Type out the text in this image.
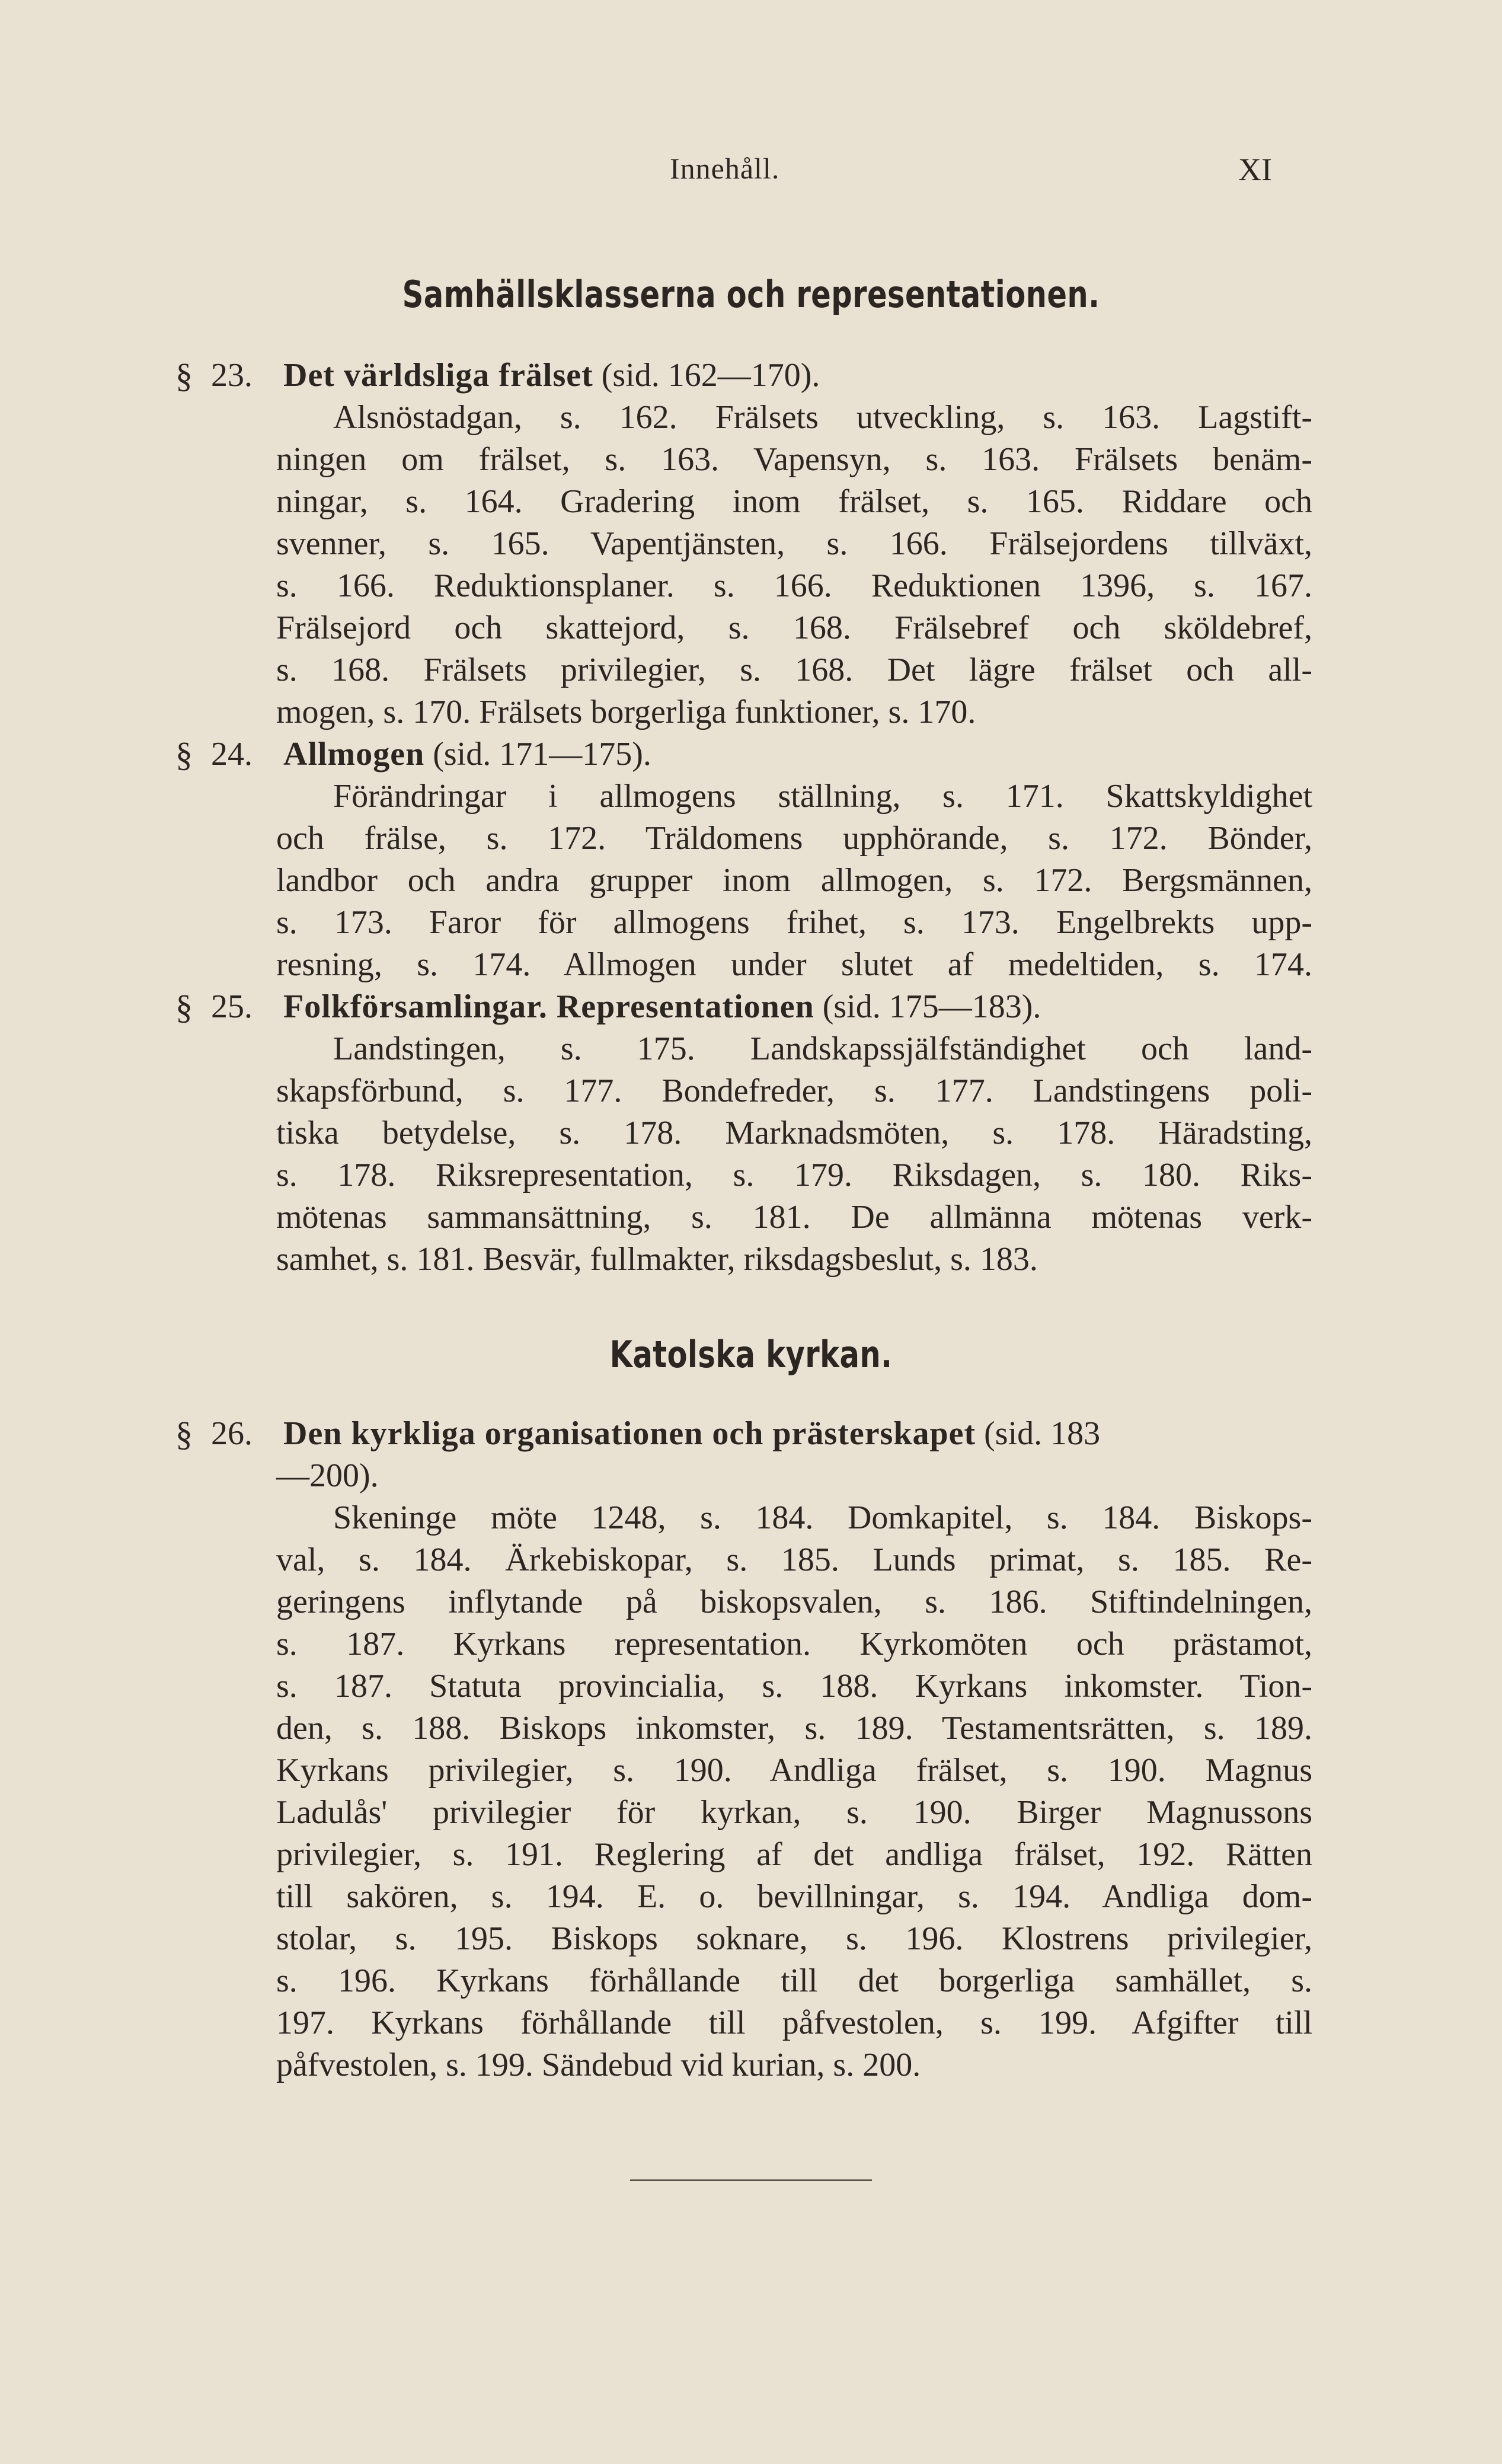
Innehåll.	XI
Samhällsklasserna och representationen.
§ 23. Det världsliga frälset (sid. 162—170).
Alsnöstadgan, s. 162. Frälsets utveckling, s. 163. Lagstift-
ningen om frälset, s. 163. Vapensyn, s. 163. Frälsets benäm-
ningar, s. 164. Gradering inom frälset, s. 165. Riddare och
svenner, s. 165. Vapentjänsten, s. 166. Frälsejordens tillväxt,
s. 166. Reduktionsplaner. s. 166. Reduktionen 1396, s. 167.
Frälsejord och skattejord, s. 168. Frälsebref och sköldebref,
s. 168. Frälsets privilegier, s. 168. Det lägre frälset och all-
mogen, s. 170. Frälsets borgerliga funktioner, s. 170.
§ 24. Allmogen (sid. 171—175).
Förändringar i allmogens ställning, s. 171. Skattskyldighet
och frälse, s. 172. Träldomens upphörande, s. 172. Bönder,
landbor och andra grupper inom allmogen, s. 172. Bergsmännen,
s. 173. Faror för allmogens frihet, s. 173. Engelbrekts upp-
resning, s. 174. Allmogen under slutet af medeltiden, s. 174.
§ 25. Folkförsamlingar. Representationen (sid. 175—183).
Landstingen, s. 175. Landskapssjälfständighet och land-
skapsförbund, s. 177. Bondefreder, s. 177. Landstingens poli-
tiska betydelse, s. 178. Marknadsmöten, s. 178. Häradsting,
s. 178. Riksrepresentation, s. 179. Riksdagen, s. 180. Riks-
mötenas sammansättning, s. 181. De allmänna mötenas verk-
samhet, s. 181. Besvär, fullmakter, riksdagsbeslut, s. 183.
Katolska kyrkan.
§ 26. Den kyrkliga organisationen och prästerskapet (sid. 183
—200).
Skeninge möte 1248, s. 184. Domkapitel, s. 184. Biskops-
val, s. 184. Ärkebiskopar, s. 185. Lunds primat, s. 185. Re-
geringens inflytande på biskopsvalen, s. 186. Stiftindelningen,
s. 187. Kyrkans representation. Kyrkomöten och prästamot,
s. 187. Statuta provincialia, s. 188. Kyrkans inkomster. Tion-
den, s. 188. Biskops inkomster, s. 189. Testamentsrätten, s. 189.
Kyrkans privilegier, s. 190. Andliga frälset, s. 190. Magnus
Ladulås' privilegier för kyrkan, s. 190. Birger Magnussons
privilegier, s. 191. Reglering af det andliga frälset, 192. Rätten
till sakören, s. 194. E. o. bevillningar, s. 194. Andliga dom-
stolar, s. 195. Biskops soknare, s. 196. Klostrens privilegier,
s. 196. Kyrkans förhållande till det borgerliga samhället, s.
197. Kyrkans förhållande till påfvestolen, s. 199. Afgifter till
påfvestolen, s. 199. Sändebud vid kurian, s. 200.
